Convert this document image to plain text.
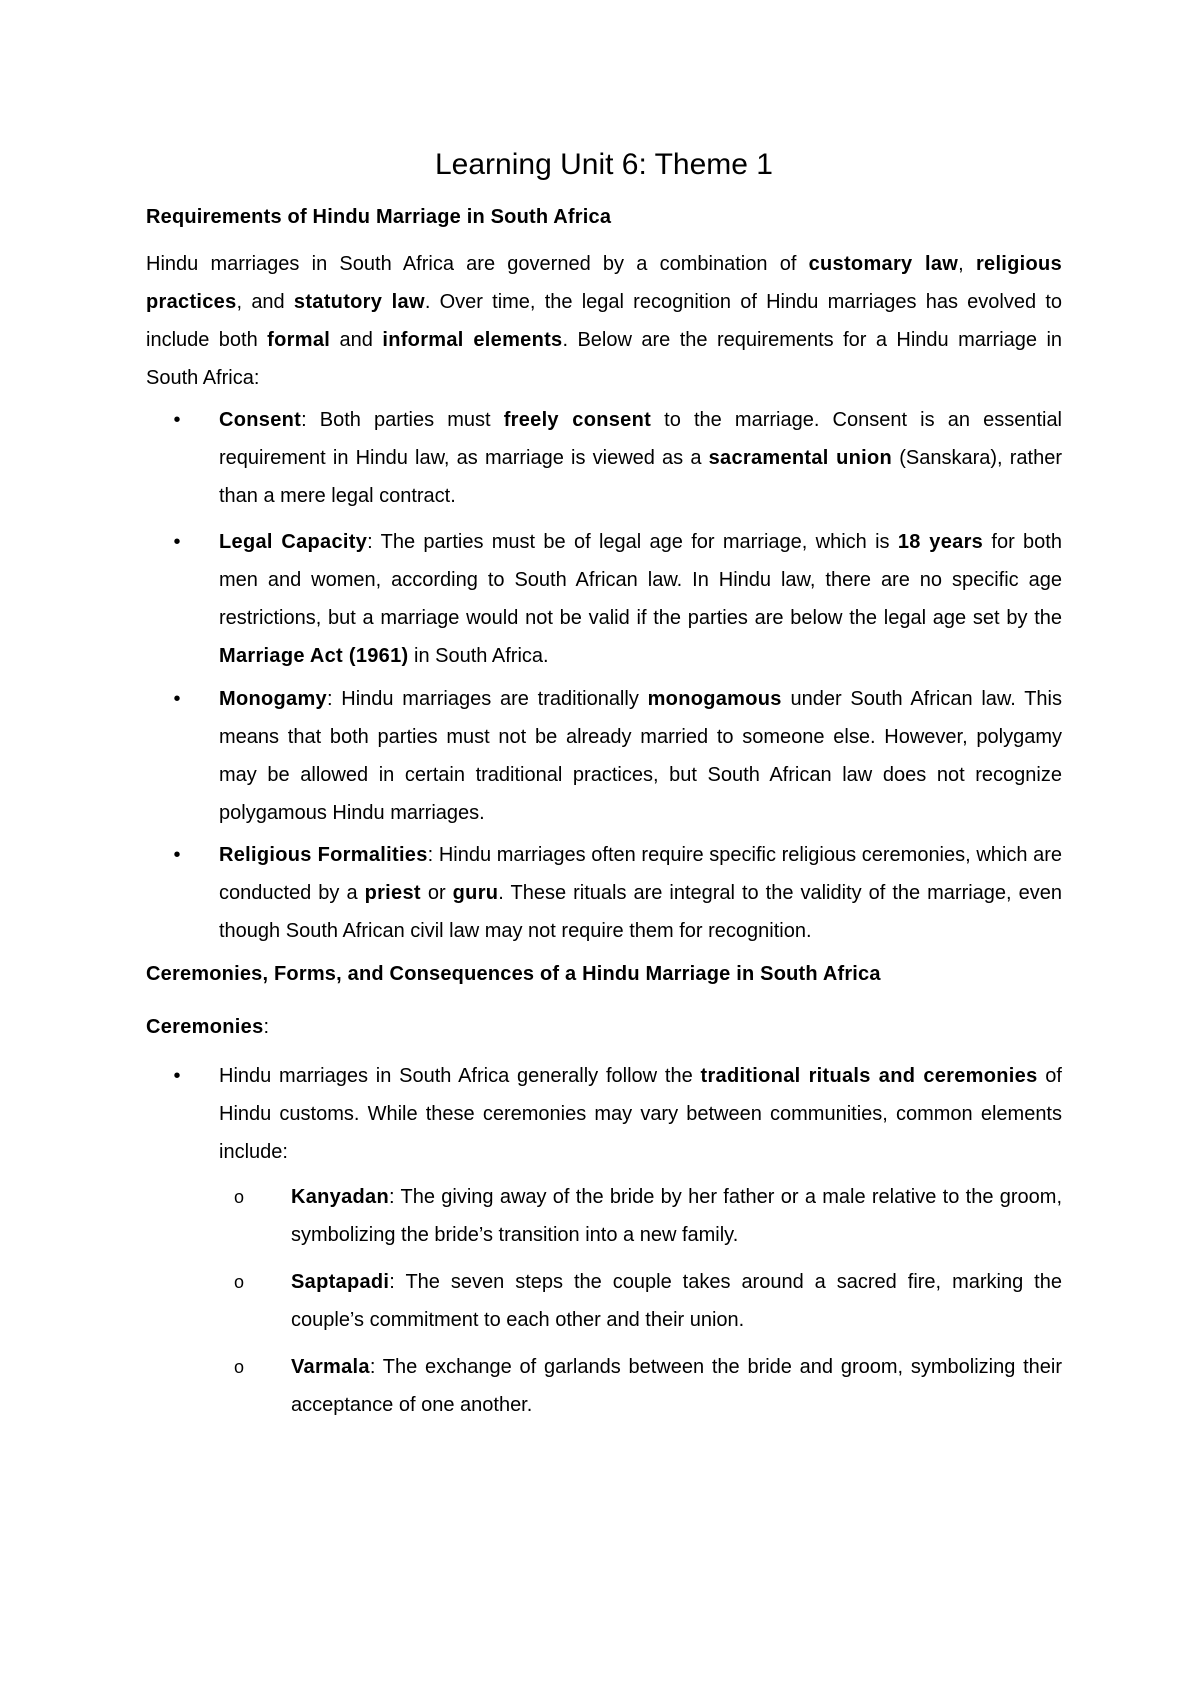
Learning Unit 6: Theme 1
Requirements of Hindu Marriage in South Africa

Hindu marriages in South Africa are governed by a combination of customary law, religious practices, and statutory law. Over time, the legal recognition of Hindu marriages has evolved to include both formal and informal elements. Below are the requirements for a Hindu marriage in South Africa:

• Consent: Both parties must freely consent to the marriage. Consent is an essential requirement in Hindu law, as marriage is viewed as a sacramental union (Sanskara), rather than a mere legal contract.
• Legal Capacity: The parties must be of legal age for marriage, which is 18 years for both men and women, according to South African law. In Hindu law, there are no specific age restrictions, but a marriage would not be valid if the parties are below the legal age set by the Marriage Act (1961) in South Africa.
• Monogamy: Hindu marriages are traditionally monogamous under South African law. This means that both parties must not be already married to someone else. However, polygamy may be allowed in certain traditional practices, but South African law does not recognize polygamous Hindu marriages.
• Religious Formalities: Hindu marriages often require specific religious ceremonies, which are conducted by a priest or guru. These rituals are integral to the validity of the marriage, even though South African civil law may not require them for recognition.
Ceremonies, Forms, and Consequences of a Hindu Marriage in South Africa
Ceremonies:
• Hindu marriages in South Africa generally follow the traditional rituals and ceremonies of Hindu customs. While these ceremonies may vary between communities, common elements include:
o Kanyadan: The giving away of the bride by her father or a male relative to the groom, symbolizing the bride’s transition into a new family.
o Saptapadi: The seven steps the couple takes around a sacred fire, marking the couple’s commitment to each other and their union.
o Varmala: The exchange of garlands between the bride and groom, symbolizing their acceptance of one another.
